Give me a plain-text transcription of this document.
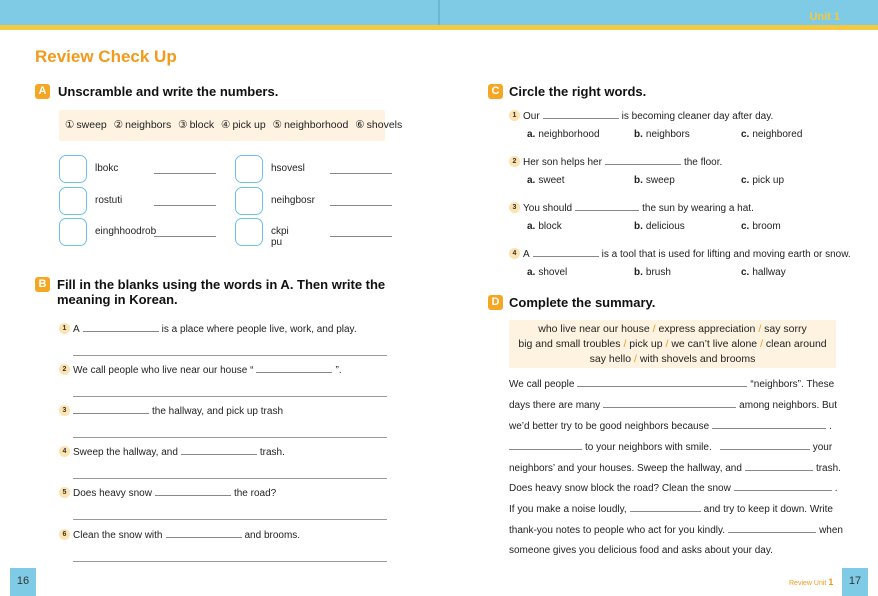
Unit 1
Review Check Up
A Unscramble and write the numbers.
① sweep ② neighbors ③ block ④ pick up ⑤ neighborhood ⑥ shovels
lbokc	hsovesl
rostuti	neihgbosr
einghhoodrob	ckpi pu
B Fill in the blanks using the words in A. Then write the
meaning in Korean.
1 A	is a place where people live, work, and play.
2 We call people who live near our house “	”.
3	the hallway, and pick up trash
4 Sweep the hallway, and	trash.
5 Does heavy snow	the road?
6 Clean the snow with	and brooms.
C Circle the right words.
1 Our	is becoming cleaner day after day.
a. neighborhood	b. neighbors	c. neighbored
2 Her son helps her	the floor.
a. sweet	b. sweep	c. pick up
3 You should	the sun by wearing a hat.
a. block	b. delicious	c. broom
4 A	is a tool that is used for lifting and moving earth or snow.
a. shovel	b. brush	c. hallway
D Complete the summary.
who live near our house / express appreciation / say sorry
big and small troubles / pick up / we can’t live alone / clean around
say hello / with shovels and brooms
We call people	“neighbors”. These
days there are many	among neighbors. But
we’d better try to be good neighbors because	.
to your neighbors with smile.	your
neighbors’ and your houses. Sweep the hallway, and	trash.
Does heavy snow block the road? Clean the snow	.
If you make a noise loudly,	and try to keep it down. Write
thank-you notes to people who act for you kindly.	when
someone gives you delicious food and asks about your day.
16	17
Review Unit 1
